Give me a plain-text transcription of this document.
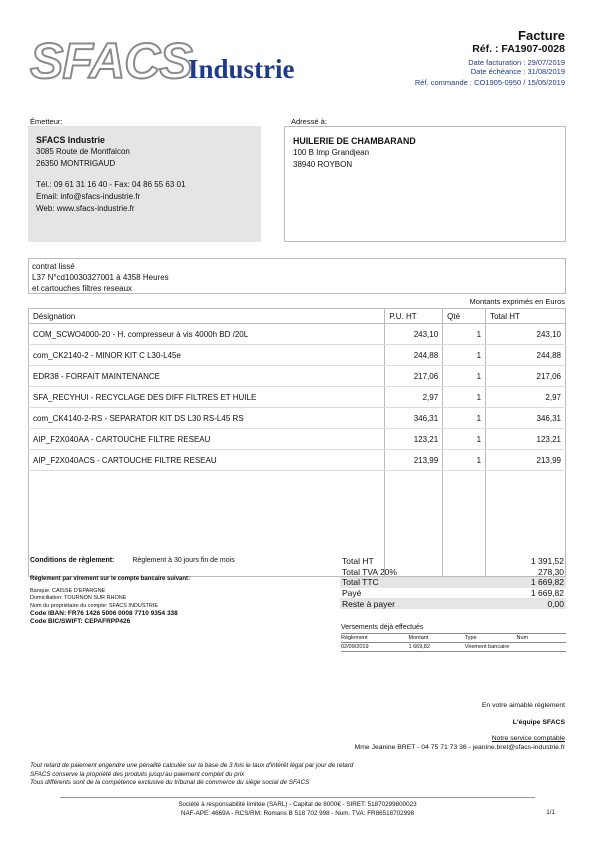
SFACS
Industrie
Facture
Réf. : FA1907-0028
Date facturation : 29/07/2019
Date échéance : 31/08/2019
Réf. commande : CO1905-0950 / 15/05/2019
Émetteur:
SFACS Industrie
3085 Route de Montfalcon
26350 MONTRIGAUD
Tél.: 09 61 31 16 40 - Fax: 04 86 55 63 01
Email: info@sfacs-industrie.fr
Web: www.sfacs-industrie.fr
Adressé à:
HUILERIE DE CHAMBARAND
100 B Imp Grandjean
38940 ROYBON
contrat lissé
L37 N°cd10030327001 à 4358 Heures
et cartouches filtres reseaux
Montants exprimés en Euros
Désignation	P.U. HT	Qté	Total HT
COM_SCWO4000-20 - H. compresseur à vis 4000h BD /20L	243,10	1	243,10
com_CK2140-2 - MINOR KIT C L30-L45e	244,88	1	244,88
EDR38 - FORFAIT MAINTENANCE	217,06	1	217,06
SFA_RECYHUI - RECYCLAGE DES DIFF FILTRES ET HUILE	2,97	1	2,97
com_CK4140-2-RS - SEPARATOR KIT DS L30 RS-L45 RS	346,31	1	346,31
AIP_F2X040AA - CARTOUCHE FILTRE RESEAU	123,21	1	123,21
AIP_F2X040ACS - CARTOUCHE FILTRE RESEAU	213,99	1	213,99

Conditions de règlement:	Règlement à 30 jours fin de mois
Règlement par virement sur le compte bancaire suivant:
Banque: CAISSE D'EPARGNE
Domiciliation: TOURNON SUR RHONE
Nom du propriétaire du compte: SFACS INDUSTRIE
Code IBAN: FR76 1426 5006 0008 7710 9354 338
Code BIC/SWIFT: CEPAFRPP426
Total HT	1 391,52
Total TVA 20%	278,30
Total TTC	1 669,82
Payé	1 669,82
Reste à payer	0,00
Versements déjà effectués
Règlement	Montant	Type	Num
02/09/2019	1 669,82	Virement bancaire	
En votre aimable règlement
L'équipe SFACS
Notre service comptable
Mme Jeanine BRET - 04 75 71 73 36 - jeanine.bret@sfacs-industrie.fr
Tout retard de paiement engendre une pénalité calculée sur la base de 3 fois le taux d'intérêt légal par jour de retard
SFACS conserve la propriété des produits jusqu'au paiement complet du prix
Tous différents sont de la compétence exclusive du tribunal de commerce du siège social de SFACS
Société à responsabilité limitée (SARL) - Capital de 8000€ - SIRET: 51870299800023
NAF-APE: 4669A - RCS/RM: Romans B 518 702 998 - Num. TVA: FR86518702998	1/1
